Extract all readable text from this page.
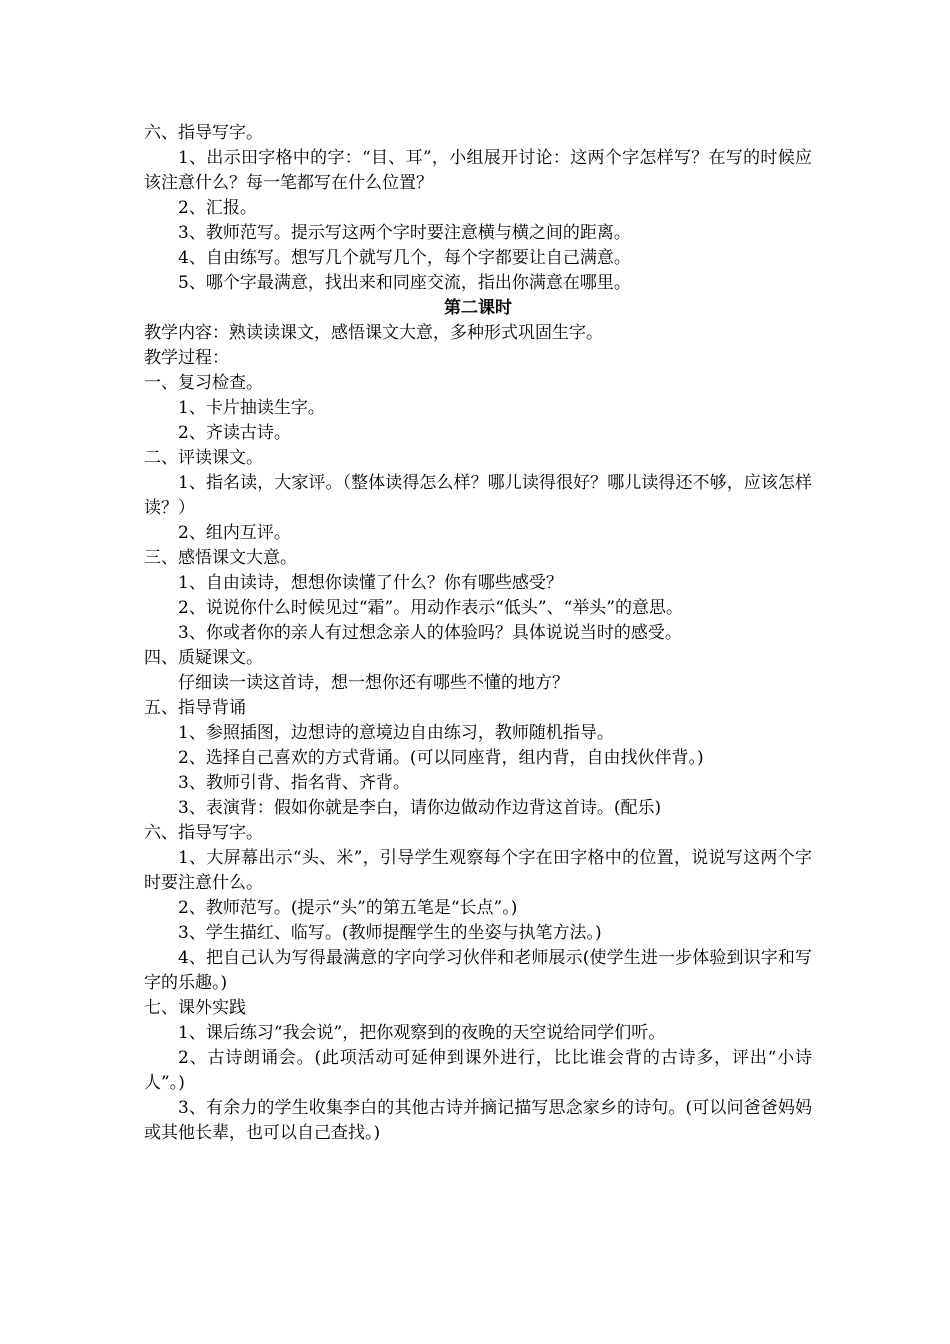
六、指导写字。

1、出示田字格中的字：“目、耳”，小组展开讨论：这两个字怎样写？在写的时候应该注意什么？每一笔都写在什么位置？

2、汇报。

3、教师范写。提示写这两个字时要注意横与横之间的距离。

4、自由练写。想写几个就写几个，每个字都要让自己满意。

5、哪个字最满意，找出来和同座交流，指出你满意在哪里。

第二课时

教学内容：熟读读课文，感悟课文大意，多种形式巩固生字。

教学过程：

一、复习检查。

1、卡片抽读生字。

2、齐读古诗。

二、评读课文。

1、指名读，大家评。（整体读得怎么样？哪儿读得很好？哪儿读得还不够，应该怎样读？）

2、组内互评。

三、感悟课文大意。

1、自由读诗，想想你读懂了什么？你有哪些感受？

2、说说你什么时候见过“霜”。用动作表示“低头”、“举头”的意思。

3、你或者你的亲人有过想念亲人的体验吗？具体说说当时的感受。

四、质疑课文。

仔细读一读这首诗，想一想你还有哪些不懂的地方？

五、指导背诵

1、参照插图，边想诗的意境边自由练习，教师随机指导。

2、选择自己喜欢的方式背诵。(可以同座背，组内背，自由找伙伴背。)

3、教师引背、指名背、齐背。

3、表演背：假如你就是李白，请你边做动作边背这首诗。(配乐)

六、指导写字。

1、大屏幕出示“头、米”，引导学生观察每个字在田字格中的位置，说说写这两个字时要注意什么。

2、教师范写。(提示“头”的第五笔是“长点”。)

3、学生描红、临写。(教师提醒学生的坐姿与执笔方法。)

4、把自己认为写得最满意的字向学习伙伴和老师展示(使学生进一步体验到识字和写字的乐趣。)

七、课外实践

1、课后练习“我会说”，把你观察到的夜晚的天空说给同学们听。

2、古诗朗诵会。(此项活动可延伸到课外进行，比比谁会背的古诗多，评出“小诗人”。)

3、有余力的学生收集李白的其他古诗并摘记描写思念家乡的诗句。(可以问爸爸妈妈或其他长辈，也可以自己查找。)
